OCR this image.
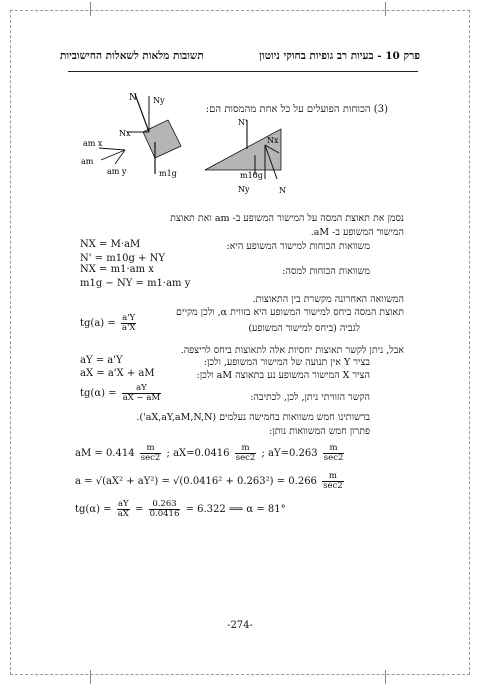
פרק 10 - בעיות רב גופיות בחוקי ניוטון
תשובות מלאות לשאלות החישוביות
(3) הכוחות הפועלים על כל אחת מהמסות הם:
N Ny
Nx
am x
am
am y	m1g
N'
Nx
m10g
Ny	N
נסמן את תאוצת המסה על המישור המשופע ב- am ואת תאוצת
המישור המשופע ב- aM.
משוואות הכוחות למישור המשופע היא:
NX = M·aM
N' = m10g + NY
משוואות הכוחות למסה:
NX = m1·am x
m1g − NY = m1·am y
המשוואה האחרונה מקשרת בין התאוצות.
תאוצת המסה ביחס למישור המשופע היא בזווית α, ולכן מקיים
לגביה (ביחס למישור המשופע)
$tg(a) = \frac{a'Y}{a'X}$
אבל, ניתן לקשר תאוצות יחסיות אלה לתאוצות ביחס לריצפה.
בציר Y אין תנועה של המישור המשופע, ולכן:
aY = a'Y
הציר X המישור המשופע נע בתאוצה aM ולכן:
aX = a'X + aM
הקשר הזוויתי ניתן, לכן, לכתיבה:
$tg(\alpha) = \frac{aY}{aX - aM}$
ברשותינו חמש משוואות בחמישה נעלמים (aX,aY,aM,N,N').
פתרון חמש המשוואות נותן:
aM = $0.414 \frac{m}{\sec 2}$ ; $aX=0.0416 \frac{m}{\sec 2}$ ; $aY=0.263 \frac{m}{\sec 2}$
$a = √(aX^2 + aY^2) = √(0.0416^2 + 0.263^2) = 0.266 \frac{m}{\sec 2}$
$tg(\alpha) = \frac{aY}{aX} = \frac{0.263}{0.0416} = 6.322$ ⟹ α = 81°
-274-
